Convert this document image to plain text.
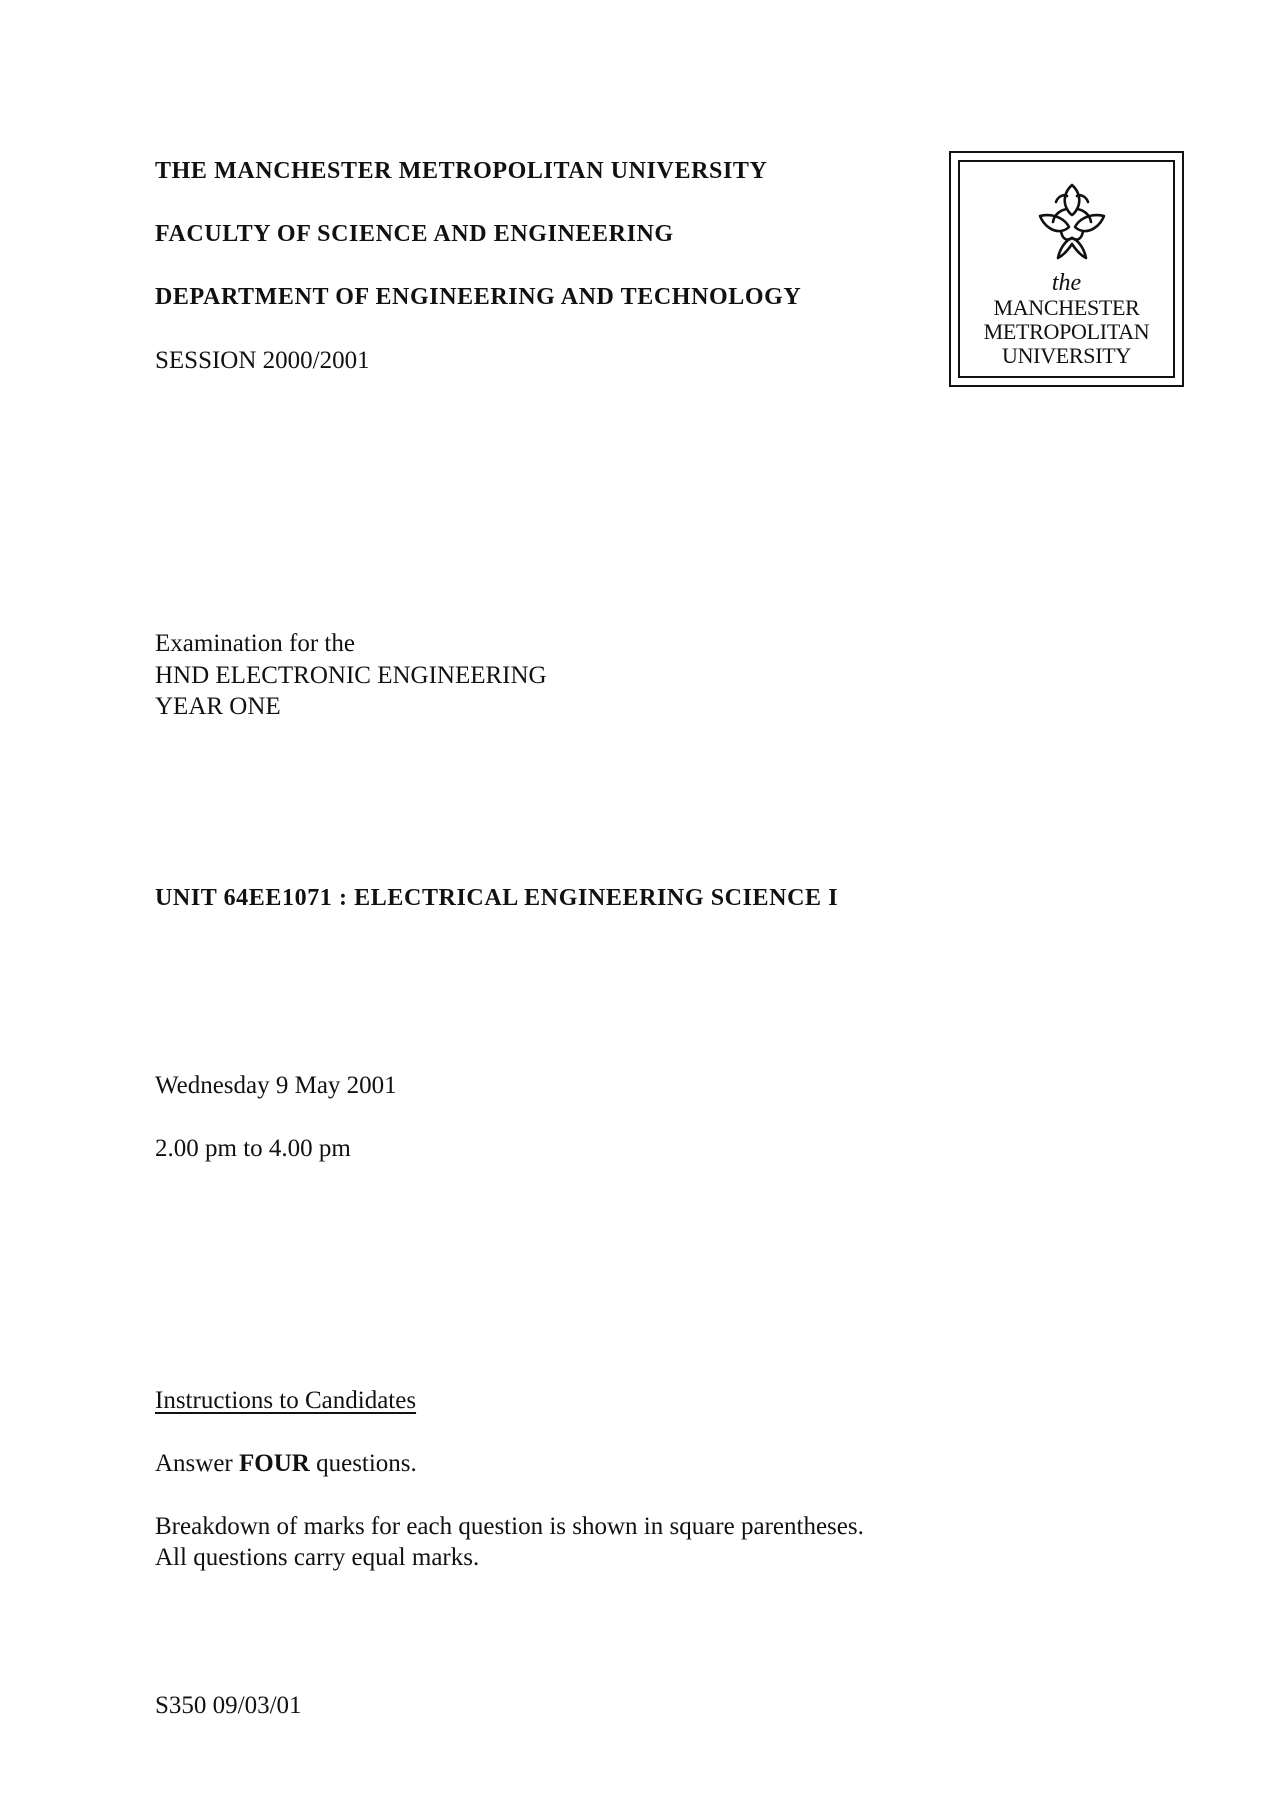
THE MANCHESTER METROPOLITAN UNIVERSITY
FACULTY OF SCIENCE AND ENGINEERING
DEPARTMENT OF ENGINEERING AND TECHNOLOGY
SESSION 2000/2001
the
MANCHESTER
METROPOLITAN
UNIVERSITY
Examination for the
HND ELECTRONIC ENGINEERING
YEAR ONE
UNIT 64EE1071 : ELECTRICAL ENGINEERING SCIENCE I
Wednesday 9 May 2001
2.00 pm to 4.00 pm
Instructions to Candidates
Answer FOUR questions.
Breakdown of marks for each question is shown in square parentheses.
All questions carry equal marks.
S350 09/03/01
